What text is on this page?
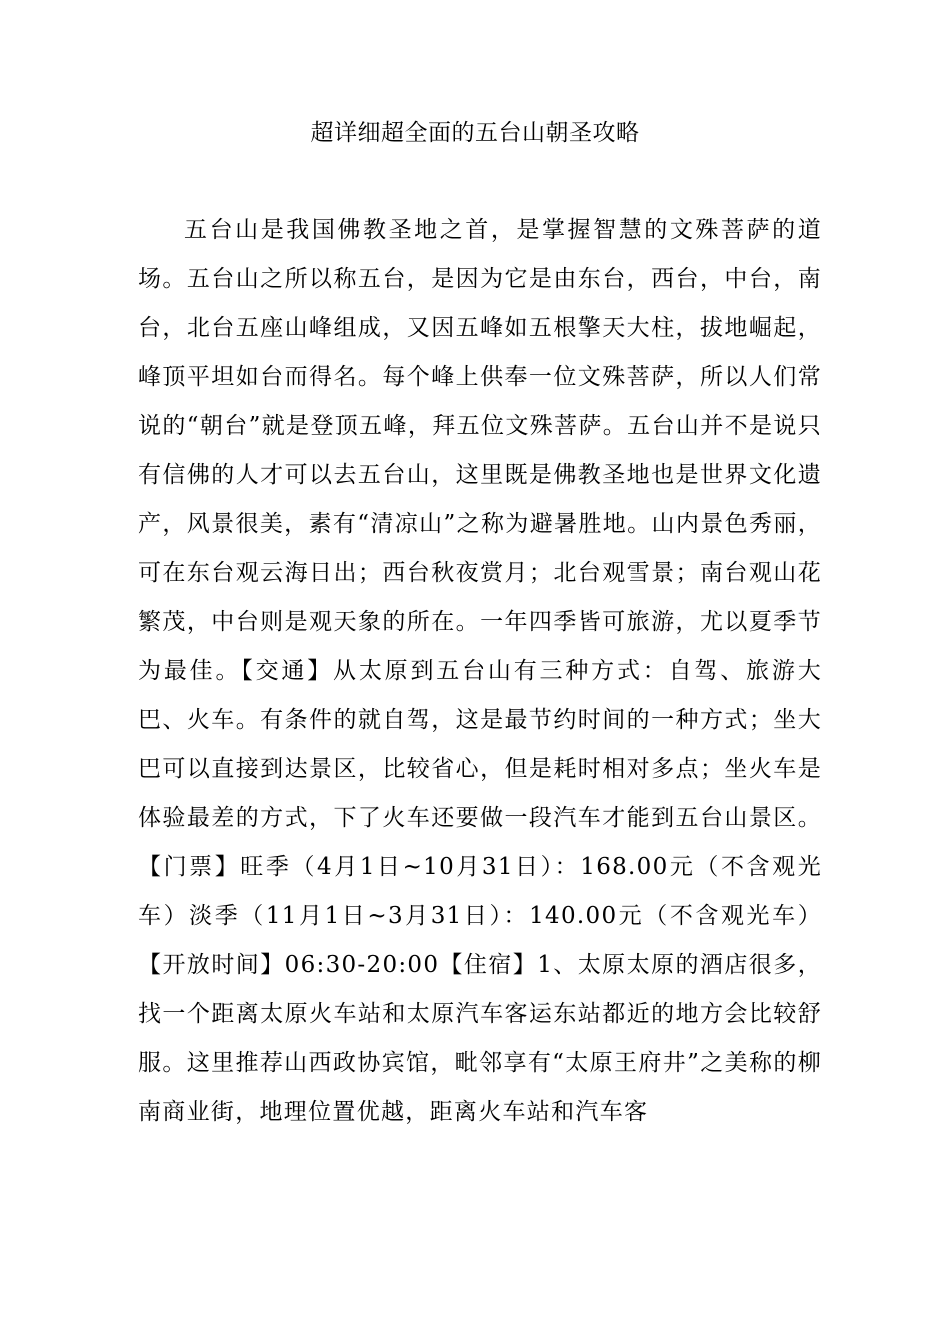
超详细超全面的五台山朝圣攻略

五台山是我国佛教圣地之首，是掌握智慧的文殊菩萨的道场。五台山之所以称五台，是因为它是由东台，西台，中台，南台，北台五座山峰组成，又因五峰如五根擎天大柱，拔地崛起，峰顶平坦如台而得名。每个峰上供奉一位文殊菩萨，所以人们常说的“朝台”就是登顶五峰，拜五位文殊菩萨。五台山并不是说只有信佛的人才可以去五台山，这里既是佛教圣地也是世界文化遗产，风景很美，素有“清凉山”之称为避暑胜地。山内景色秀丽，可在东台观云海日出；西台秋夜赏月；北台观雪景；南台观山花繁茂，中台则是观天象的所在。一年四季皆可旅游，尤以夏季节为最佳。【交通】从太原到五台山有三种方式：自驾、旅游大巴、火车。有条件的就自驾，这是最节约时间的一种方式；坐大巴可以直接到达景区，比较省心，但是耗时相对多点；坐火车是体验最差的方式，下了火车还要做一段汽车才能到五台山景区。【门票】旺季（4月1日~10月31日）：168.00元（不含观光车）淡季（11月1日~3月31日）：140.00元（不含观光车）【开放时间】06:30-20:00【住宿】1、太原太原的酒店很多，找一个距离太原火车站和太原汽车客运东站都近的地方会比较舒服。这里推荐山西政协宾馆，毗邻享有“太原王府井”之美称的柳南商业街，地理位置优越，距离火车站和汽车客
